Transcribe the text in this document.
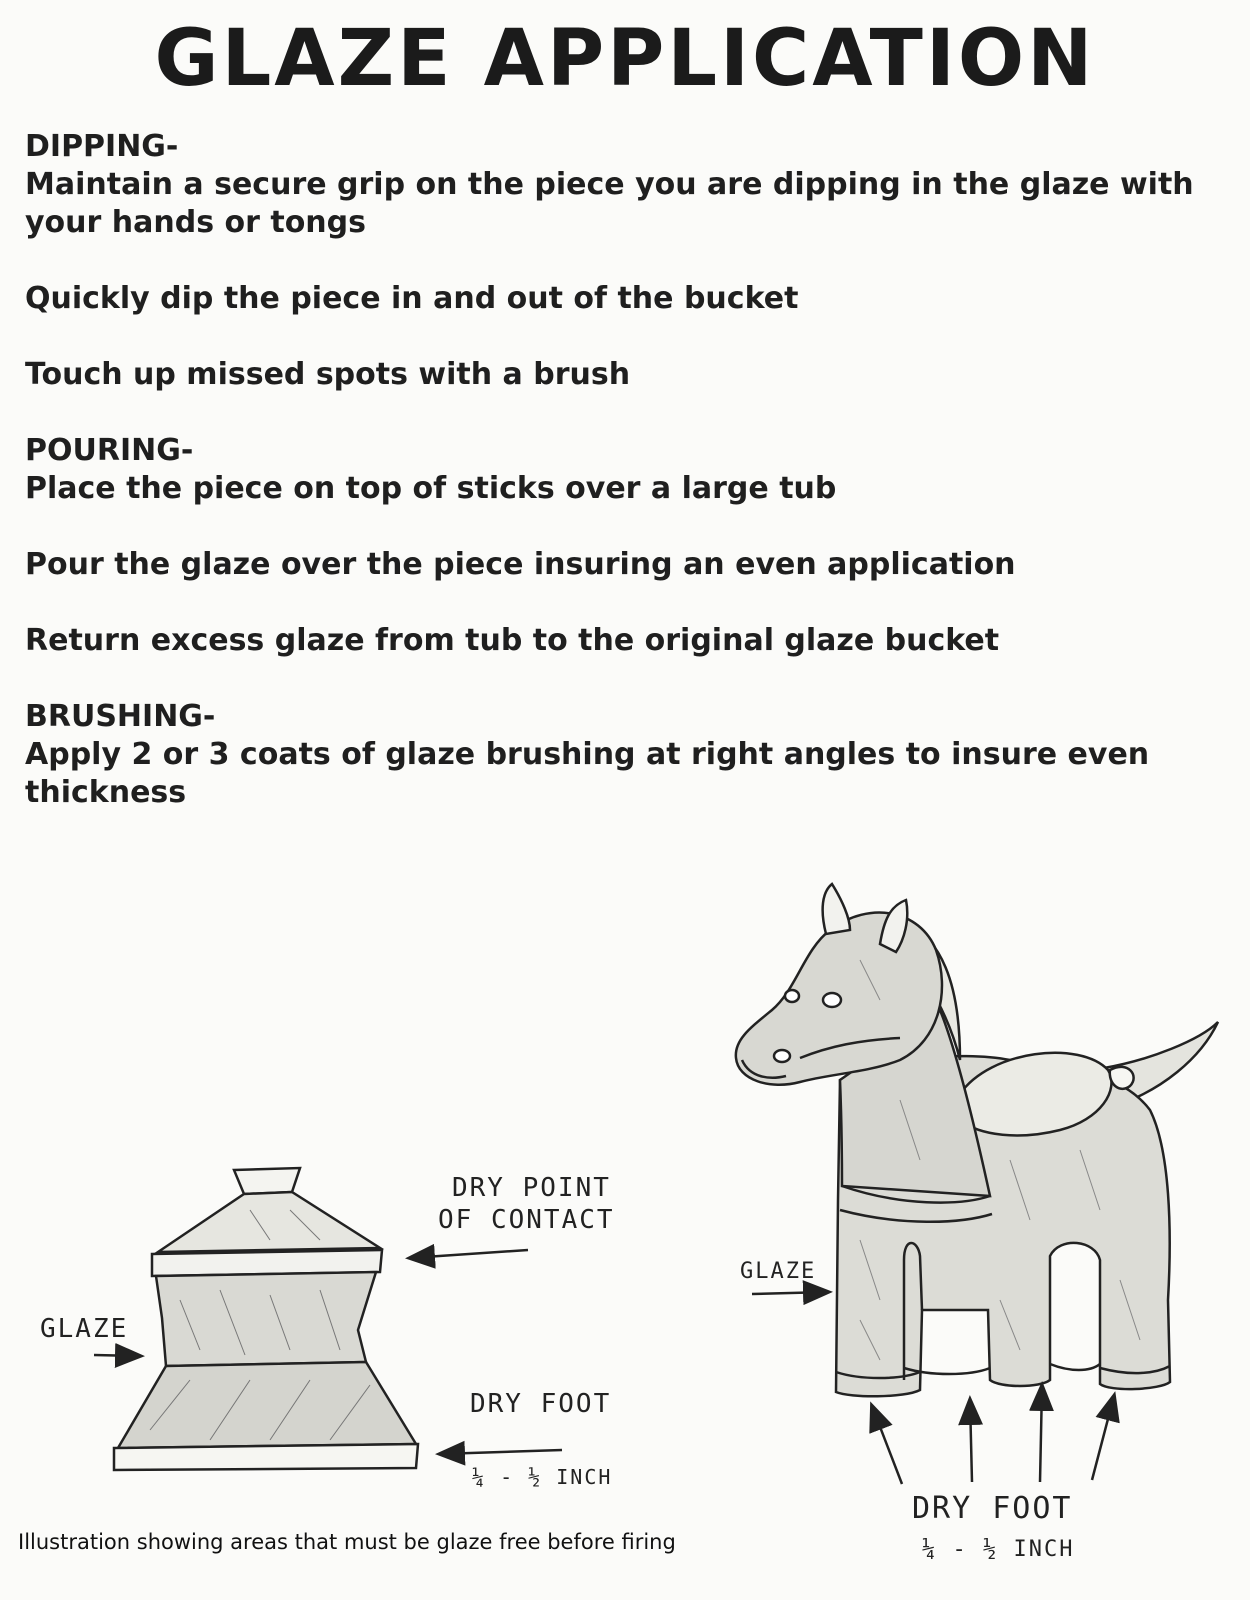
GLAZE APPLICATION
DIPPING-
Maintain a secure grip on the piece you are dipping in the glaze with your hands or tongs
Quickly dip the piece in and out of the bucket
Touch up missed spots with a brush
POURING-
Place the piece on top of sticks over a large tub
Pour the glaze over the piece insuring an even application
Return excess glaze from tub to the original glaze bucket
BRUSHING-
Apply 2 or 3 coats of glaze brushing at right angles to insure even thickness
DRY POINT
OF CONTACT
GLAZE
DRY FOOT
¼ - ½ INCH
GLAZE
DRY FOOT
¼ - ½ INCH
Illustration showing areas that must be glaze free before firing
